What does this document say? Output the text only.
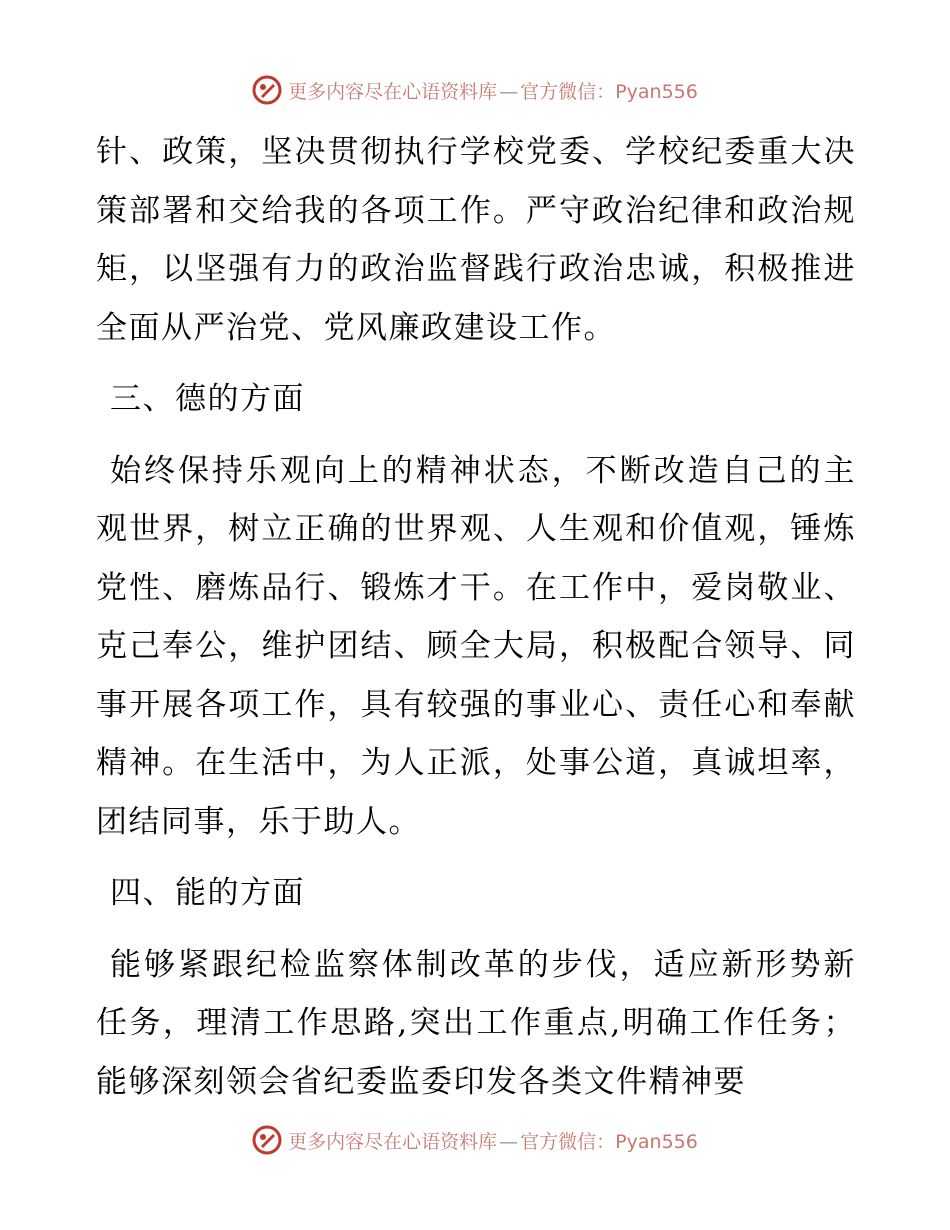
更多内容尽在心语资料库 — 官方微信：Pyan556

针、政策，坚决贯彻执行学校党委、学校纪委重大决策部署和交给我的各项工作。严守政治纪律和政治规矩，以坚强有力的政治监督践行政治忠诚，积极推进全面从严治党、党风廉政建设工作。

三、德的方面

始终保持乐观向上的精神状态，不断改造自己的主观世界，树立正确的世界观、人生观和价值观，锤炼党性、磨炼品行、锻炼才干。在工作中，爱岗敬业、克己奉公，维护团结、顾全大局，积极配合领导、同事开展各项工作，具有较强的事业心、责任心和奉献精神。在生活中，为人正派，处事公道，真诚坦率，团结同事，乐于助人。

四、能的方面

能够紧跟纪检监察体制改革的步伐，适应新形势新任务，理清工作思路,突出工作重点,明确工作任务；能够深刻领会省纪委监委印发各类文件精神要

更多内容尽在心语资料库 — 官方微信：Pyan556
